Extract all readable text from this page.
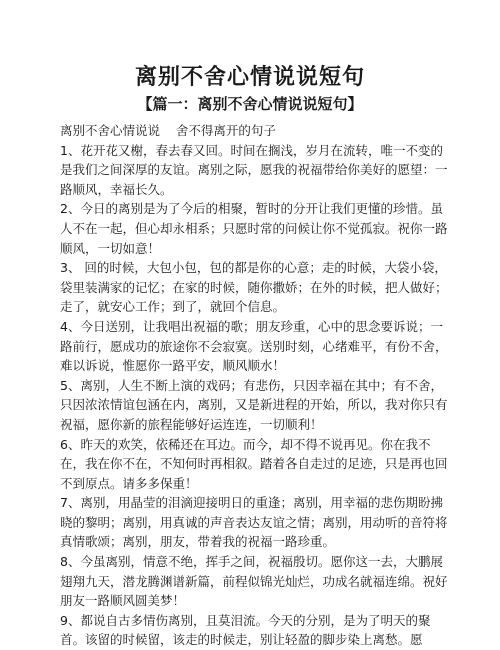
离别不舍心情说说短句
【篇一：离别不舍心情说说短句】

离别不舍心情说说    舍不得离开的句子

1、花开花又榭，春去春又回。时间在搁浅，岁月在流转，唯一不变的是我们之间深厚的友谊。离别之际，愿我的祝福带给你美好的愿望：一路顺风，幸福长久。

2、今日的离别是为了今后的相聚，暂时的分开让我们更懂的珍惜。虽人不在一起，但心却永相系；只愿时常的问候让你不觉孤寂。祝你一路顺风，一切如意！

3、 回的时候，大包小包，包的都是你的心意；走的时候，大袋小袋，袋里装满家的记忆；在家的时候，随你撒娇；在外的时候，把人做好；走了，就安心工作；到了，就回个信息。

4、今日送别，让我唱出祝福的歌；朋友珍重，心中的思念要诉说；一路前行，愿成功的旅途你不会寂寞。送别时刻，心绪难平，有份不舍，难以诉说，惟愿你一路平安，顺风顺水！

5、离别，人生不断上演的戏码；有悲伤，只因幸福在其中；有不舍，只因浓浓情谊包涵在内，离别，又是新进程的开始，所以，我对你只有祝福，愿你新的旅程能够好运连连，一切顺利！

6、昨天的欢笑，依稀还在耳边。而今，却不得不说再见。你在我不在，我在你不在，不知何时再相叙。踏着各自走过的足迹，只是再也回不到原点。请多多保重！

7、离别，用晶莹的泪滴迎接明日的重逢；离别，用幸福的悲伤期盼拂晓的黎明；离别，用真诚的声音表达友谊之情；离别，用动听的音符将真情歌颂；离别，朋友，带着我的祝福一路珍重。

8、今虽离别，情意不绝，挥手之间，祝福殷切。愿你这一去，大鹏展翅翔九天，潜龙腾渊谱新篇，前程似锦光灿烂，功成名就福连绵。祝好朋友一路顺风圆美梦！

9、都说自古多情伤离别，且莫泪流。今天的分别，是为了明天的聚首。该留的时候留，该走的时候走，别让轻盈的脚步染上离愁。愿
